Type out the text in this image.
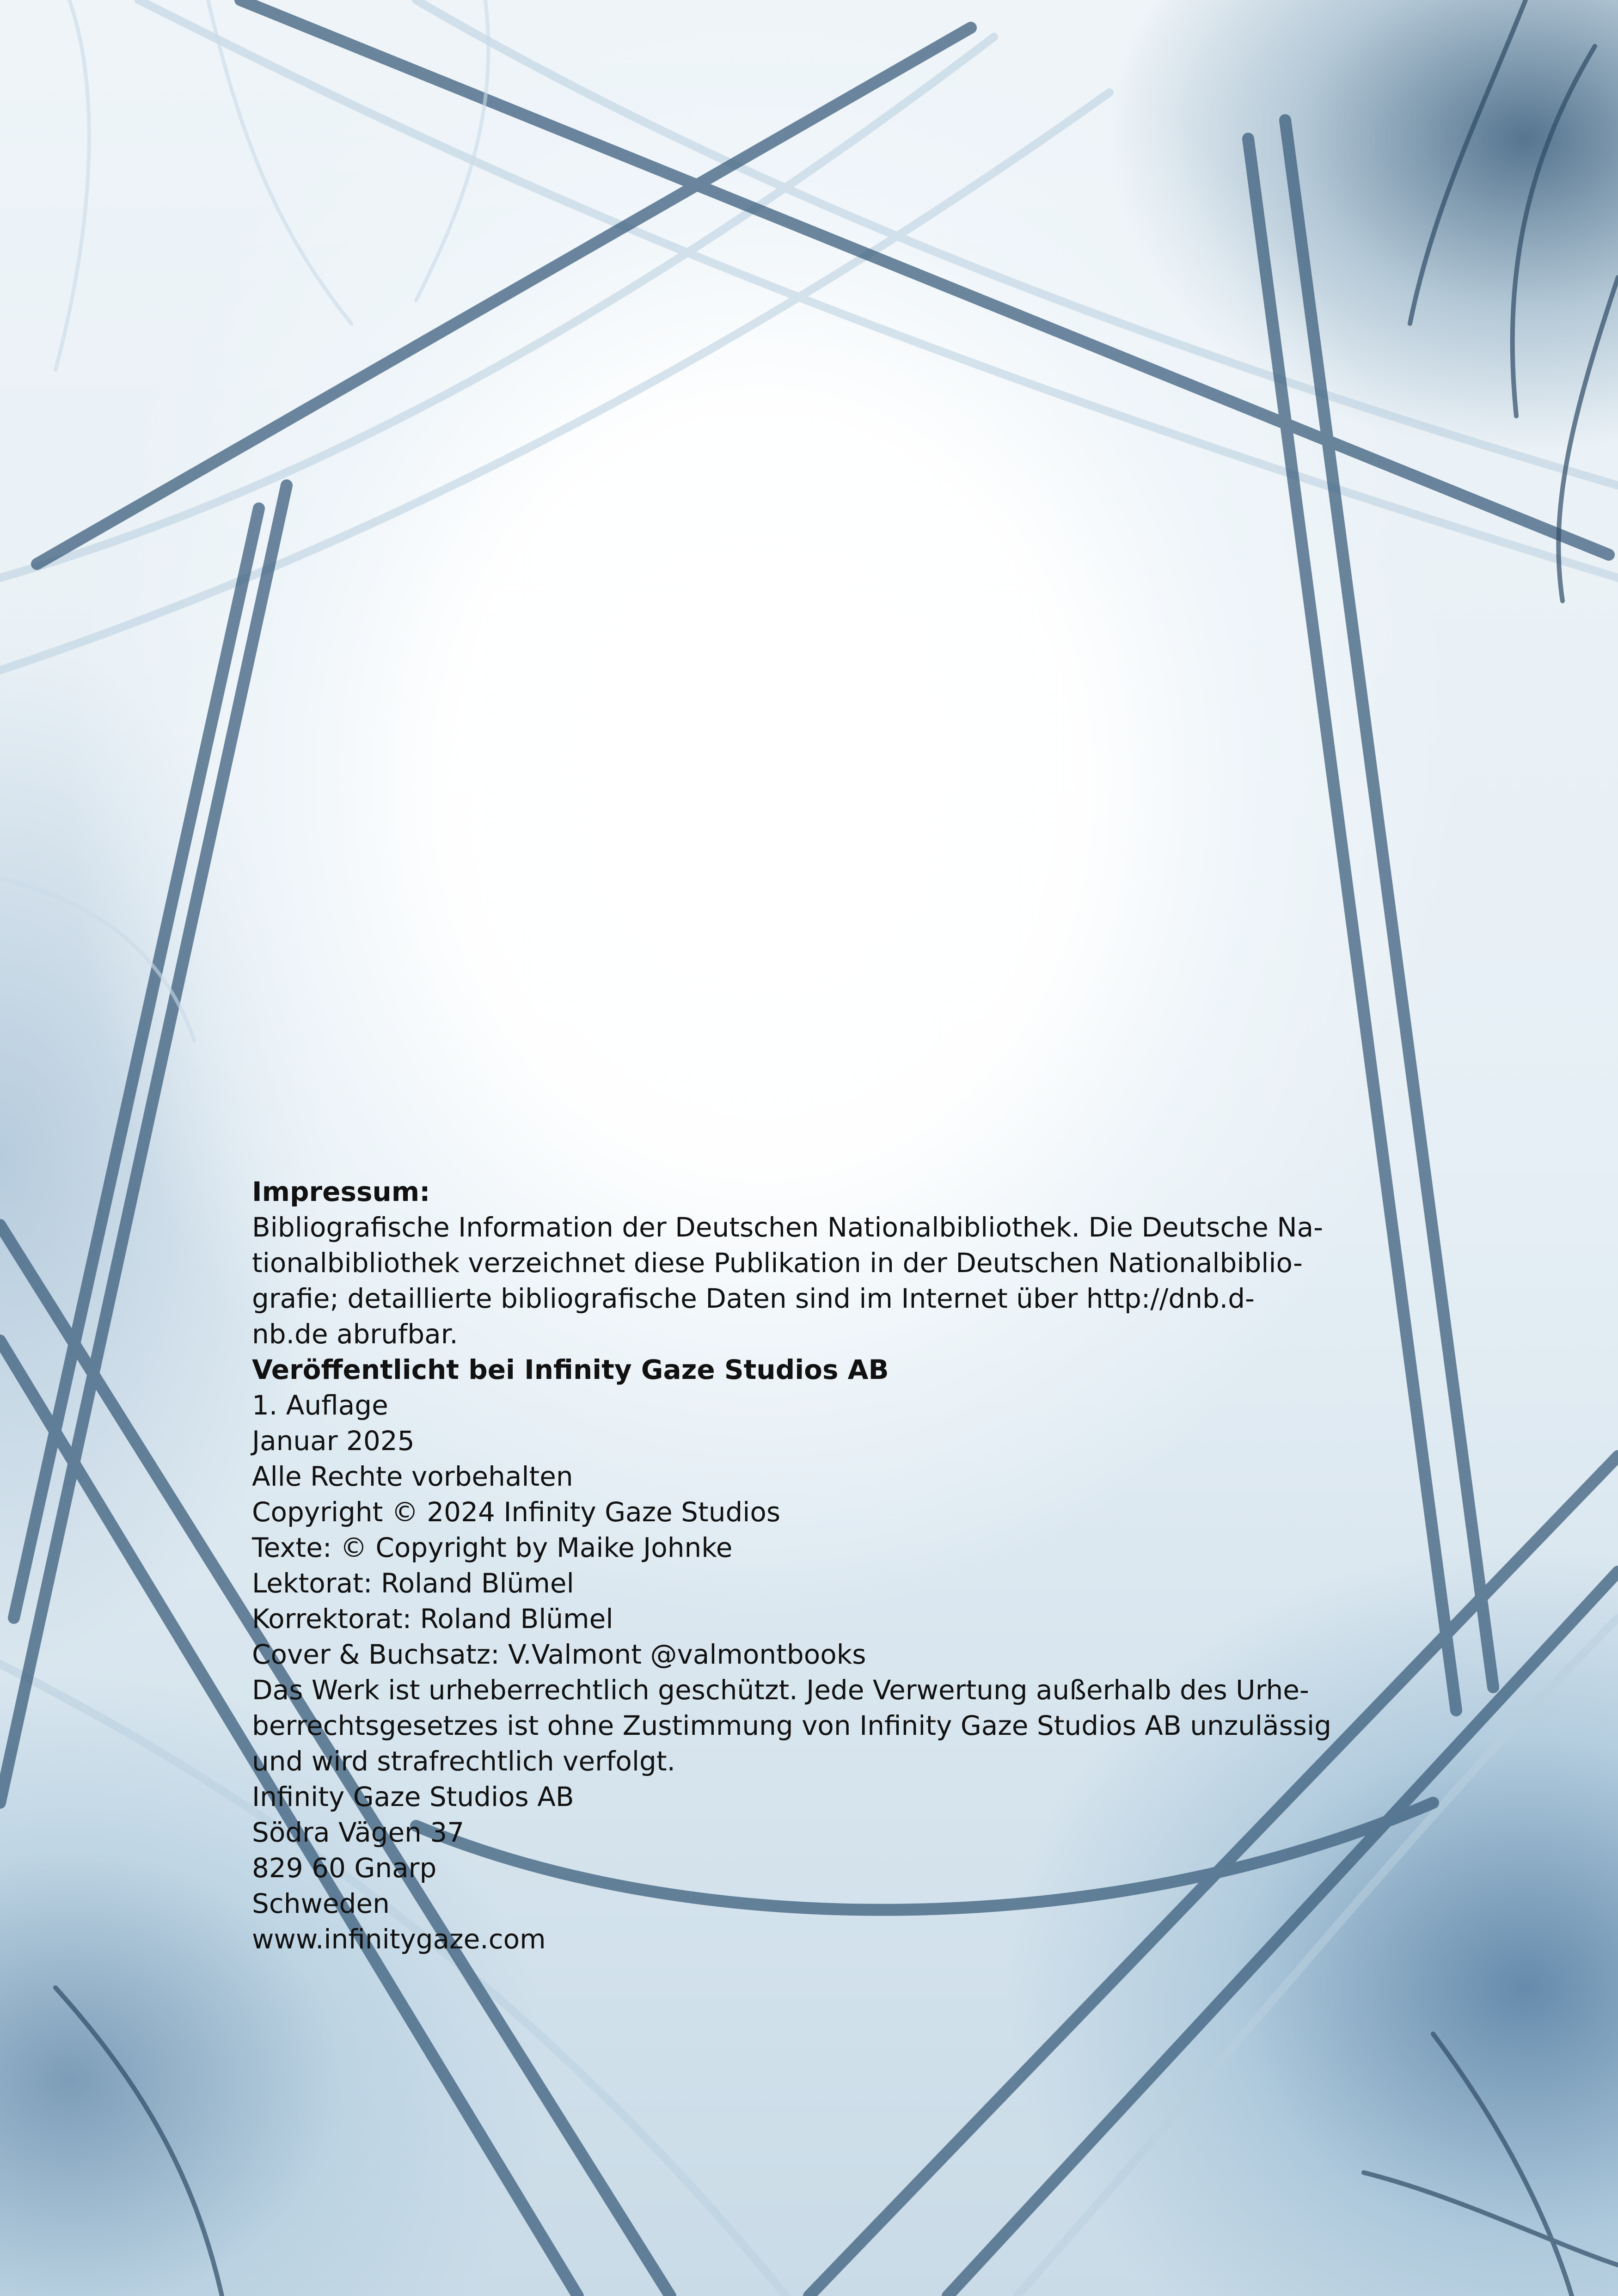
Impressum:
Bibliografische Information der Deutschen Nationalbibliothek. Die Deutsche Na-
tionalbibliothek verzeichnet diese Publikation in der Deutschen Nationalbiblio-
grafie; detaillierte bibliografische Daten sind im Internet über http://dnb.d-
nb.de abrufbar.
Veröffentlicht bei Infinity Gaze Studios AB
1. Auflage
Januar 2025
Alle Rechte vorbehalten
Copyright © 2024 Infinity Gaze Studios
Texte: © Copyright by Maike Johnke
Lektorat: Roland Blümel
Korrektorat: Roland Blümel
Cover & Buchsatz: V.Valmont @valmontbooks
Das Werk ist urheberrechtlich geschützt. Jede Verwertung außerhalb des Urhe-
berrechtsgesetzes ist ohne Zustimmung von Infinity Gaze Studios AB unzulässig
und wird strafrechtlich verfolgt.
Infinity Gaze Studios AB
Södra Vägen 37
829 60 Gnarp
Schweden
www.infinitygaze.com
